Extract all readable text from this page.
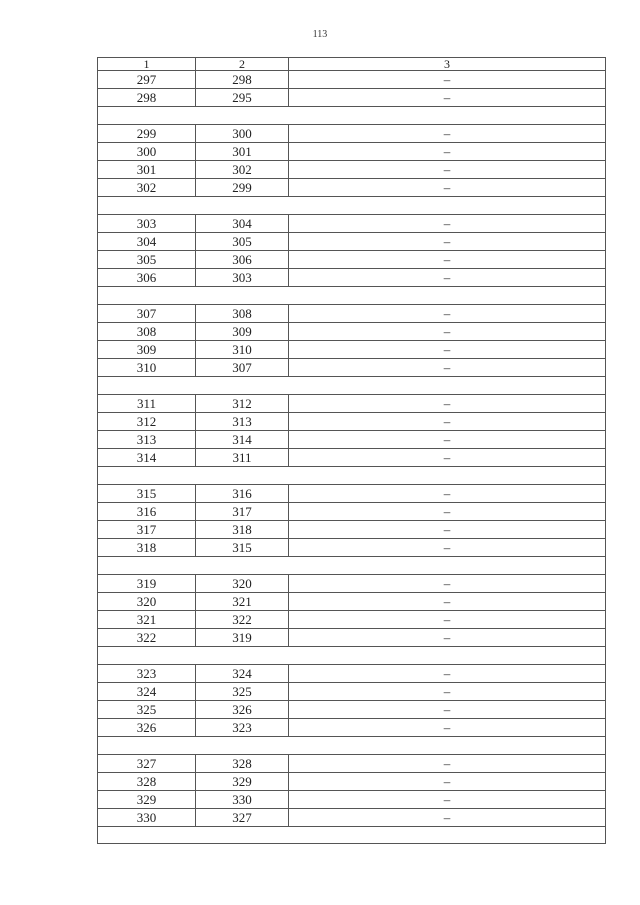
113
1	2	3
297	298	–
298	295	–

299	300	–
300	301	–
301	302	–
302	299	–

303	304	–
304	305	–
305	306	–
306	303	–

307	308	–
308	309	–
309	310	–
310	307	–

311	312	–
312	313	–
313	314	–
314	311	–

315	316	–
316	317	–
317	318	–
318	315	–

319	320	–
320	321	–
321	322	–
322	319	–

323	324	–
324	325	–
325	326	–
326	323	–

327	328	–
328	329	–
329	330	–
330	327	–
